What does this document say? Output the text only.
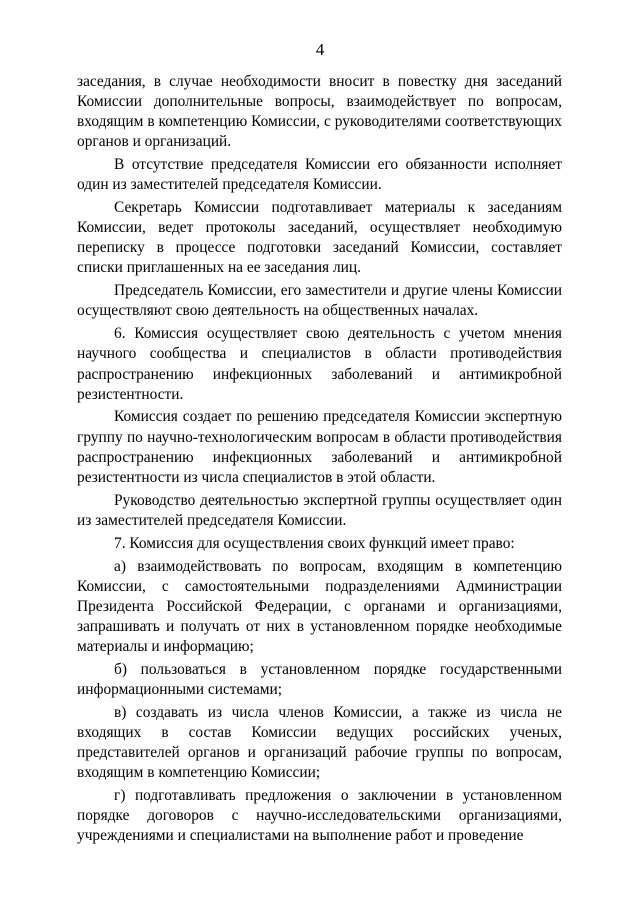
4

заседания, в случае необходимости вносит в повестку дня заседаний Комиссии дополнительные вопросы, взаимодействует по вопросам, входящим в компетенцию Комиссии, с руководителями соответствующих органов и организаций.

В отсутствие председателя Комиссии его обязанности исполняет один из заместителей председателя Комиссии.

Секретарь Комиссии подготавливает материалы к заседаниям Комиссии, ведет протоколы заседаний, осуществляет необходимую переписку в процессе подготовки заседаний Комиссии, составляет списки приглашенных на ее заседания лиц.

Председатель Комиссии, его заместители и другие члены Комиссии осуществляют свою деятельность на общественных началах.

6. Комиссия осуществляет свою деятельность с учетом мнения научного сообщества и специалистов в области противодействия распространению инфекционных заболеваний и антимикробной резистентности.

Комиссия создает по решению председателя Комиссии экспертную группу по научно-технологическим вопросам в области противодействия распространению инфекционных заболеваний и антимикробной резистентности из числа специалистов в этой области.

Руководство деятельностью экспертной группы осуществляет один из заместителей председателя Комиссии.

7. Комиссия для осуществления своих функций имеет право:

а) взаимодействовать по вопросам, входящим в компетенцию Комиссии, с самостоятельными подразделениями Администрации Президента Российской Федерации, с органами и организациями, запрашивать и получать от них в установленном порядке необходимые материалы и информацию;

б) пользоваться в установленном порядке государственными информационными системами;

в) создавать из числа членов Комиссии, а также из числа не входящих в состав Комиссии ведущих российских ученых, представителей органов и организаций рабочие группы по вопросам, входящим в компетенцию Комиссии;

г) подготавливать предложения о заключении в установленном порядке договоров с научно-исследовательскими организациями, учреждениями и специалистами на выполнение работ и проведение
